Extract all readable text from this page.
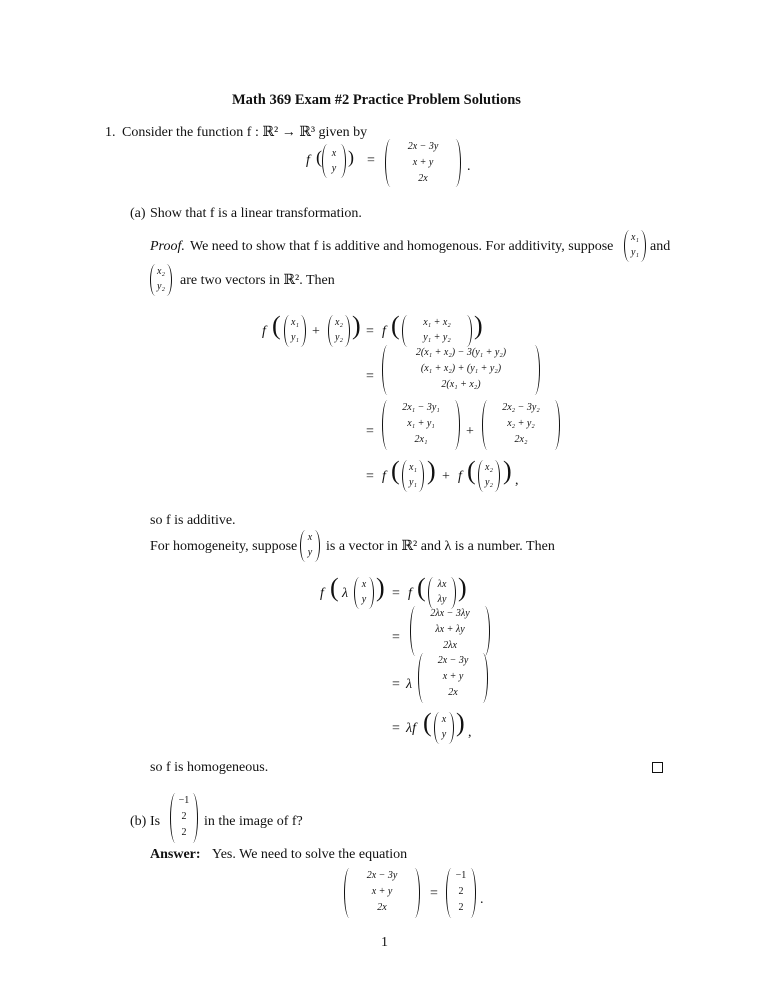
Math 369 Exam #2 Practice Problem Solutions
1. Consider the function f : ℝ² → ℝ³ given by
f	x
y
)
(	=
2x − 3y
x + y
2x
.
(a) Show that f is a linear transformation.
Proof. We need to show that f is additive and homogenous. For additivity, suppose
x₁
y₁ and
x₂
y₂	are two vectors in ℝ². Then
f (	x₁
y₁ +
x₂
y₂ ) = f (	x₁ + x₂
y₁ + y₂ )
=
2(x₁ + x₂) − 3(y₁ + y₂)
(x₁ + x₂) + (y₁ + y₂)
2(x₁ + x₂)
=
2x₁ − 3y₁
x₁ + y₁
2x₁
+
2x₂ − 3y₂
x₂ + y₂
2x₂
= f ( x₁
y₁ ) + f ( x₂
y₂ ) ,
so f is additive.
For homogeneity, suppose
x
y is a vector in ℝ² and λ is a number. Then
f ( λ
x
y ) = f (	λx
λy )
=
2λx − 3λy
λx + λy
2λx
= λ
2x − 3y
x + y
2x
= λf (	x
y ) ,
so f is homogeneous.
(b) Is
−1
2
2
in the image of f?
Answer: Yes. We need to solve the equation
2x − 3y
x + y
2x
=
−1
2
2
.
1
